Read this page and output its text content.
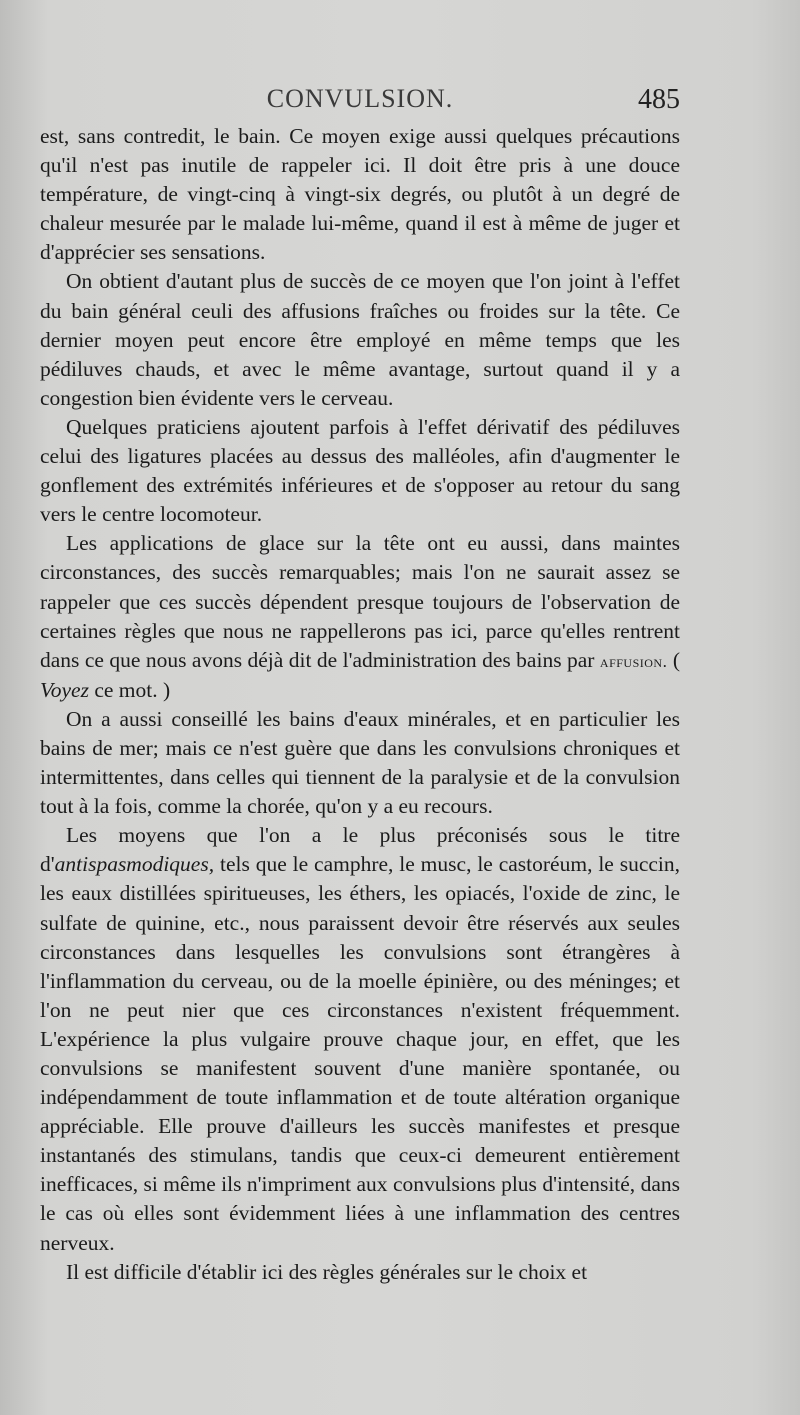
CONVULSION.	485

est, sans contredit, le bain. Ce moyen exige aussi quelques précautions qu'il n'est pas inutile de rappeler ici. Il doit être pris à une douce température, de vingt-cinq à vingt-six degrés, ou plutôt à un degré de chaleur mesurée par le malade lui-même, quand il est à même de juger et d'apprécier ses sensations.

On obtient d'autant plus de succès de ce moyen que l'on joint à l'effet du bain général ceuli des affusions fraîches ou froides sur la tête. Ce dernier moyen peut encore être employé en même temps que les pédiluves chauds, et avec le même avantage, surtout quand il y a congestion bien évidente vers le cerveau.

Quelques praticiens ajoutent parfois à l'effet dérivatif des pédiluves celui des ligatures placées au dessus des malléoles, afin d'augmenter le gonflement des extrémités inférieures et de s'opposer au retour du sang vers le centre locomoteur.

Les applications de glace sur la tête ont eu aussi, dans maintes circonstances, des succès remarquables; mais l'on ne saurait assez se rappeler que ces succès dépendent presque toujours de l'observation de certaines règles que nous ne rappellerons pas ici, parce qu'elles rentrent dans ce que nous avons déjà dit de l'administration des bains par affusion. ( Voyez ce mot. )

On a aussi conseillé les bains d'eaux minérales, et en particulier les bains de mer; mais ce n'est guère que dans les convulsions chroniques et intermittentes, dans celles qui tiennent de la paralysie et de la convulsion tout à la fois, comme la chorée, qu'on y a eu recours.

Les moyens que l'on a le plus préconisés sous le titre d'antispasmodiques, tels que le camphre, le musc, le castoréum, le succin, les eaux distillées spiritueuses, les éthers, les opiacés, l'oxide de zinc, le sulfate de quinine, etc., nous paraissent devoir être réservés aux seules circonstances dans lesquelles les convulsions sont étrangères à l'inflammation du cerveau, ou de la moelle épinière, ou des méninges; et l'on ne peut nier que ces circonstances n'existent fréquemment. L'expérience la plus vulgaire prouve chaque jour, en effet, que les convulsions se manifestent souvent d'une manière spontanée, ou indépendamment de toute inflammation et de toute altération organique appréciable. Elle prouve d'ailleurs les succès manifestes et presque instantanés des stimulans, tandis que ceux-ci demeurent entièrement inefficaces, si même ils n'impriment aux convulsions plus d'intensité, dans le cas où elles sont évidemment liées à une inflammation des centres nerveux.

Il est difficile d'établir ici des règles générales sur le choix et
